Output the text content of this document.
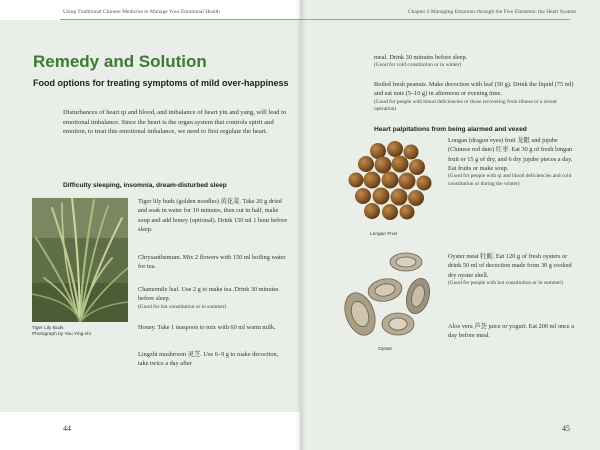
Using Traditional Chinese Medicine to Manage Your Emotional Health
Remedy and Solution
Food options for treating symptoms of mild over-happiness
Disturbances of heart qi and blood, and imbalance of heart yin and yang, will lead to emotional imbalance. Since the heart is the organ system that controls spirit and emotion, to treat this emotional imbalance, we need to first regulate the heart.
Difficulty sleeping, insomnia, dream-disturbed sleep
Tiger Lily Buds
Photograph by Yau Ying-chi
Tiger lily buds (golden noodles) 黄花菜. Take 20 g dried and soak in water for 10 minutes, then cut in half, make soup and add honey (optional). Drink 150 ml 1 hour before sleep.
Chrysanthemum. Mix 2 flowers with 150 ml boiling water for tea.
Chamomile leaf. Use 2 g to make tea. Drink 30 minutes before sleep.
(Good for hot constitution or in summer)
Honey. Take 1 teaspoon to mix with 60 ml warm milk.
Lingzhi mushroom 灵芝. Use 6–9 g to make decoction, take twice a day after
44
Chapter 2 Managing Emotions through the Five Elements: the Heart System
meal. Drink 30 minutes before sleep.
(Good for cold constitution or in winter)
Boiled fresh peanuts. Make decoction with leaf (50 g). Drink the liquid (75 ml) and eat nuts (5–10 g) in afternoon or evening time.
(Good for people with blood deficiencies or those recovering from illness or a recent operation)
Heart palpitations from being alarmed and vexed
Longan Fruit
Longan (dragon eyes) fruit 龙眼 and jujube (Chinese red date) 红枣. Eat 30 g of fresh longan fruit or 15 g of dry, and 6 dry jujube pieces a day. Eat fruits or make soup.
(Good for people with qi and blood deficiencies and cold constitution or during the winter)
Oyster
Oyster meat 牡蛎. Eat 120 g of fresh oysters or drink 50 ml of decoction made from 30 g cooked dry oyster shell.
(Good for people with hot constitution or in summer)
Aloe vera 芦荟 juice or yogurt. Eat 200 ml once a day before meal.
45
